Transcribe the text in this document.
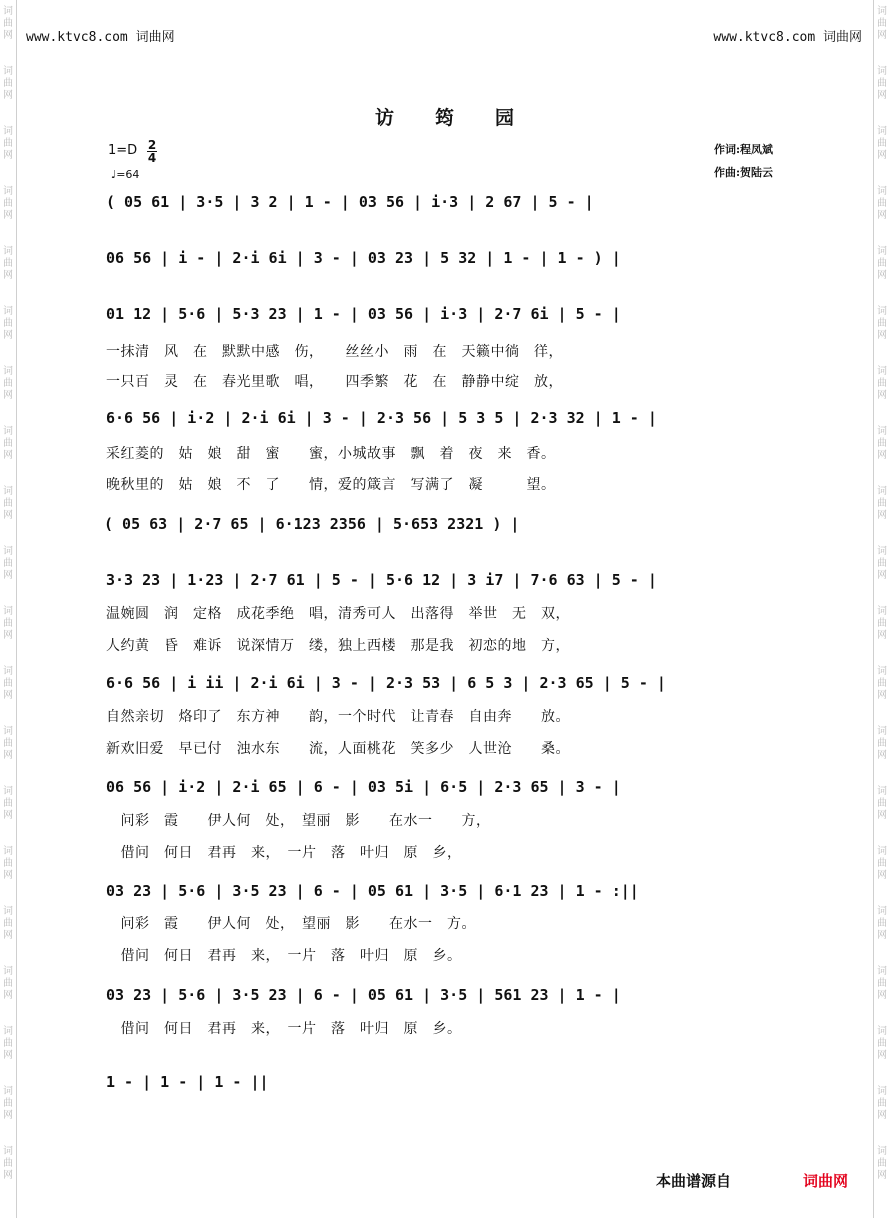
词
曲
网
词
曲
网
词
曲
网
词
曲
网
词
曲
网
词
曲
网
词
曲
网
词
曲
网
词
曲
网
词
曲
网
词
曲
网
词
曲
网
词
曲
网
词
曲
网
词
曲
网
词
曲
网
词
曲
网
词
曲
网
词
曲
网
词
曲
网
词
曲
网
词
曲
网
词
曲
网
词
曲
网
词
曲
网
词
曲
网
词
曲
网
词
曲
网
词
曲
网
词
曲
网
词
曲
网
词
曲
网
词
曲
网
词
曲
网
词
曲
网
词
曲
网
词
曲
网
词
曲
网
词
曲
网
词
曲
网
www.ktvc8.com 词曲网	www.ktvc8.com 词曲网
访　　筠　　园
1=D 2
4
♩=64
作词:程凤斌
作曲:贺陆云
( 05 61 | 3·5 | 3 2 | 1 - | 03 56 | i·3 | 2 67 | 5 - |
06 56 | i - | 2·i 6i | 3 - | 03 23 | 5 32 | 1 - | 1 - ) |
01 12 | 5·6 | 5·3 23 | 1 - | 03 56 | i·3 | 2·7 6i | 5 - |
一抹清　风　在　默默中感　伤，　　丝丝小　雨　在　天籁中徜　徉，
一只百　灵　在　春光里歌　唱，　　四季繁　花　在　静静中绽　放，
6·6 56 | i·2 | 2·i 6i | 3 - | 2·3 56 | 5 3 5 | 2·3 32 | 1 - |
采红菱的　姑　娘　甜　蜜　　蜜，小城故事　飘　着　夜　来　香。
晚秋里的　姑　娘　不　了　　情，爱的箴言　写满了　凝　　　望。
( 05 63 | 2·7 65 | 6·123 2356 | 5·653 2321 ) |
3·3 23 | 1·23 | 2·7 61 | 5 - | 5·6 12 | 3 i7 | 7·6 63 | 5 - |
温婉圆　润　定格　成花季绝　唱，清秀可人　出落得　举世　无　双，
人约黄　昏　难诉　说深情万　缕，独上西楼　那是我　初恋的地　方，
6·6 56 | i ii | 2·i 6i | 3 - | 2·3 53 | 6 5 3 | 2·3 65 | 5 - |
自然亲切　烙印了　东方神　　韵，一个时代　让青春　自由奔　　放。
新欢旧爱　早已付　浊水东　　流，人面桃花　笑多少　人世沧　　桑。
06 56 | i·2 | 2·i 65 | 6 - | 03 5i | 6·5 | 2·3 65 | 3 - |
　问彩　霞　　伊人何　处，　望丽　影　　在水一　　方，
　借问　何日　君再　来，　一片　落　叶归　原　乡，
03 23 | 5·6 | 3·5 23 | 6 - | 05 61 | 3·5 | 6·1 23 | 1 - :||
　问彩　霞　　伊人何　处，　望丽　影　　在水一　方。
　借问　何日　君再　来，　一片　落　叶归　原　乡。
03 23 | 5·6 | 3·5 23 | 6 - | 05 61 | 3·5 | 561 23 | 1 - |
　借问　何日　君再　来，　一片　落　叶归　原　乡。
1 - | 1 - | 1 - ||
本曲谱源自	词曲网
